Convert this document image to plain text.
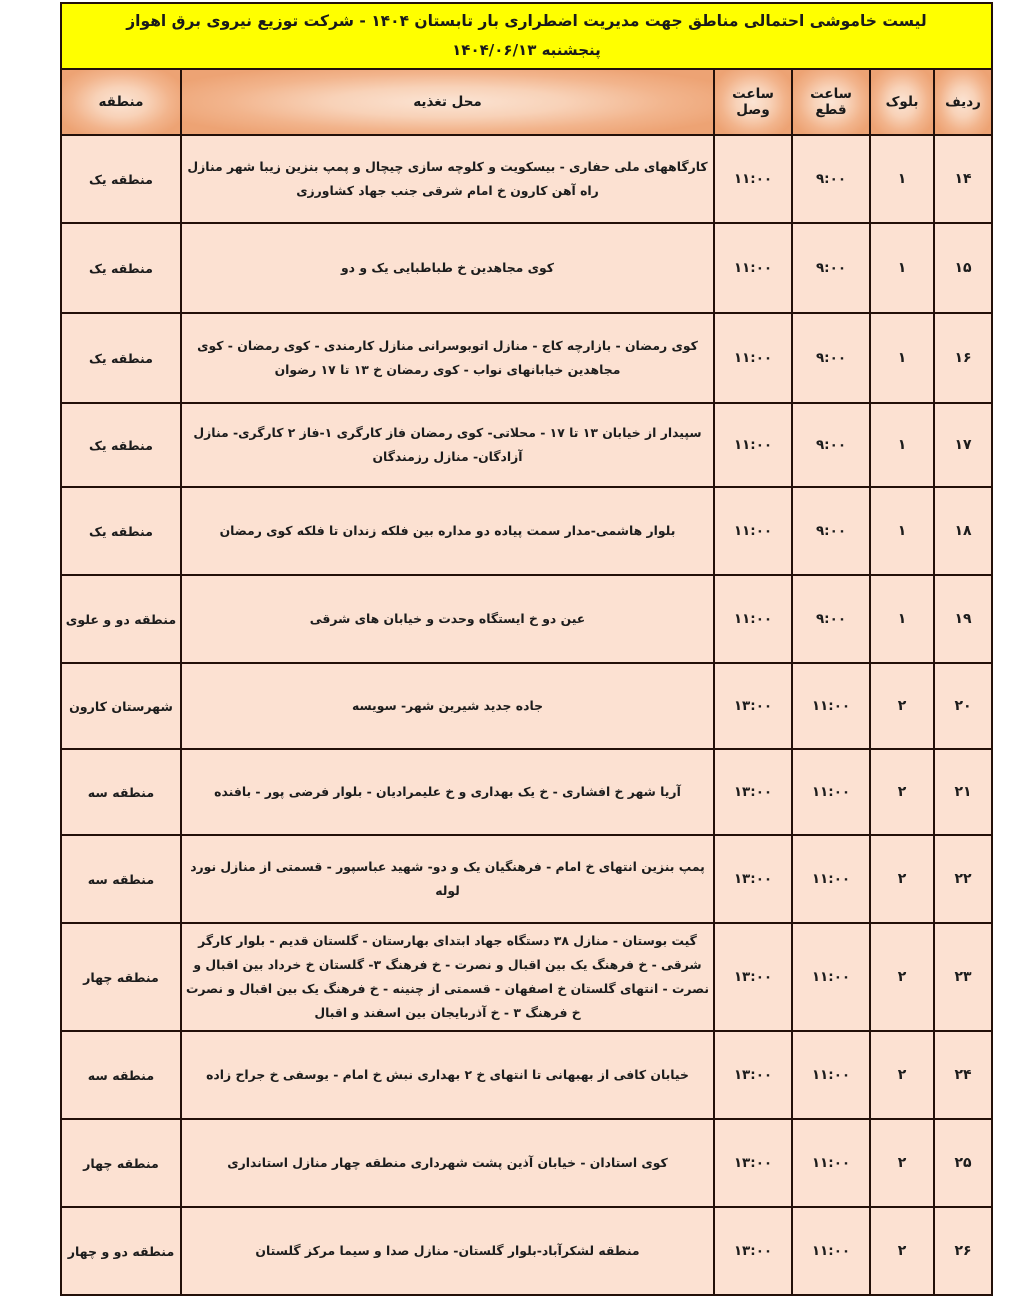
لیست خاموشی احتمالی مناطق جهت مدیریت اضطراری بار تابستان ۱۴۰۴ - شرکت توزیع نیروی برق اهواز
پنجشنبه ۱۴۰۴/۰۶/۱۳					

ردیف	بلوک	ساعت قطع	ساعت وصل	محل تغذیه	منطقه
۱۴	۱	۹:۰۰	۱۱:۰۰	کارگاههای ملی حفاری - بیسکویت و کلوچه سازی چیچال و پمپ بنزین زیبا شهر منازل راه آهن کارون خ امام شرقی جنب جهاد کشاورزی	منطقه یک
۱۵	۱	۹:۰۰	۱۱:۰۰	کوی مجاهدین خ طباطبایی یک و دو	منطقه یک
۱۶	۱	۹:۰۰	۱۱:۰۰	کوی رمضان - بازارچه کاج - منازل اتوبوسرانی منازل کارمندی - کوی رمضان - کوی مجاهدین خیابانهای نواب - کوی رمضان خ ۱۳ تا ۱۷ رضوان	منطقه یک
۱۷	۱	۹:۰۰	۱۱:۰۰	سپیدار از خیابان ۱۳ تا ۱۷ - محلاتی- کوی رمضان فاز کارگری ۱-فاز ۲ کارگری- منازل آزادگان- منازل رزمندگان	منطقه یک
۱۸	۱	۹:۰۰	۱۱:۰۰	بلوار هاشمی-مدار سمت پیاده دو مداره بین فلکه زندان تا فلکه کوی رمضان	منطقه یک
۱۹	۱	۹:۰۰	۱۱:۰۰	عین دو خ ایستگاه وحدت و خیابان های شرقی	منطقه دو و علوی
۲۰	۲	۱۱:۰۰	۱۳:۰۰	جاده جدید شیرین شهر- سویسه	شهرستان کارون
۲۱	۲	۱۱:۰۰	۱۳:۰۰	آریا شهر خ افشاری - خ یک بهداری و خ علیمرادیان - بلوار فرضی پور - بافنده	منطقه سه
۲۲	۲	۱۱:۰۰	۱۳:۰۰	پمپ بنزین انتهای خ امام - فرهنگیان یک و دو- شهید عباسپور - قسمتی از منازل نورد لوله	منطقه سه
۲۳	۲	۱۱:۰۰	۱۳:۰۰	گیت بوستان - منازل ۳۸ دستگاه جهاد ابتدای بهارستان - گلستان قدیم - بلوار کارگر شرقی - خ فرهنگ یک بین اقبال و نصرت - خ فرهنگ ۳- گلستان خ خرداد بین اقبال و نصرت - انتهای گلستان خ اصفهان - قسمتی از چنینه - خ فرهنگ یک بین اقبال و نصرت خ فرهنگ ۳ - خ آذربایجان بین اسفند و اقبال	منطقه چهار
۲۴	۲	۱۱:۰۰	۱۳:۰۰	خیابان کافی از بهبهانی تا انتهای خ ۲ بهداری نبش خ امام - یوسفی خ جراح زاده	منطقه سه
۲۵	۲	۱۱:۰۰	۱۳:۰۰	کوی استادان - خیابان آذین پشت شهرداری منطقه چهار منازل استانداری	منطقه چهار
۲۶	۲	۱۱:۰۰	۱۳:۰۰	منطقه لشکرآباد-بلوار گلستان- منازل صدا و سیما مرکز گلستان	منطقه دو و چهار
